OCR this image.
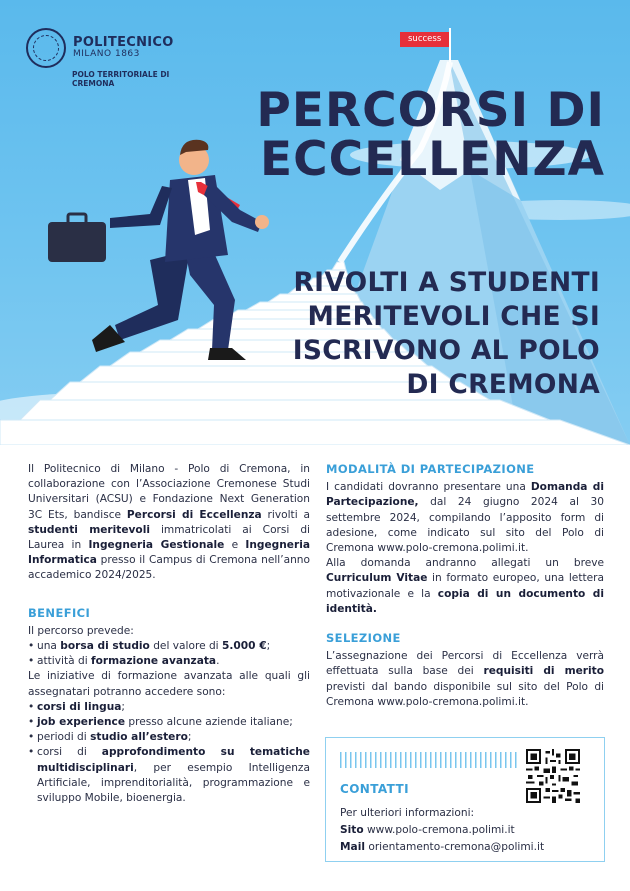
POLITECNICO
MILANO 1863
POLO TERRITORIALE DI CREMONA
success
PERCORSI DI
ECCELLENZA
RIVOLTI A STUDENTI
MERITEVOLI CHE SI
ISCRIVONO AL POLO
DI CREMONA

Il Politecnico di Milano - Polo di Cremona, in collaborazione con l’Associazione Cremonese Studi Universitari (ACSU) e Fondazione Next Generation 3C Ets, bandisce Percorsi di Eccellenza rivolti a studenti meritevoli immatricolati ai Corsi di Laurea in Ingegneria Gestionale e Ingegneria Informatica presso il Campus di Cremona nell’anno accademico 2024/2025.

BENEFICI

Il percorso prevede:

• una borsa di studio del valore di 5.000 €;
• attività di formazione avanzata.

Le iniziative di formazione avanzata alle quali gli assegnatari potranno accedere sono:

• corsi di lingua;
• job experience presso alcune aziende italiane;
• periodi di studio all’estero;
• corsi di approfondimento su tematiche multidisciplinari, per esempio Intelligenza Artificiale, imprenditorialità, programmazione e sviluppo Mobile, bioenergia.
MODALITÀ DI PARTECIPAZIONE

I candidati dovranno presentare una Domanda di Partecipazione, dal 24 giugno 2024 al 30 settembre 2024, compilando l’apposito form di adesione, come indicato sul sito del Polo di Cremona www.polo-cremona.polimi.it.

Alla domanda andranno allegati un breve Curriculum Vitae in formato europeo, una lettera motivazionale e la copia di un documento di identità.

SELEZIONE

L’assegnazione dei Percorsi di Eccellenza verrà effettuata sulla base dei requisiti di merito previsti dal bando disponibile sul sito del Polo di Cremona www.polo-cremona.polimi.it.

CONTATTI
Per ulteriori informazioni:
Sito www.polo-cremona.polimi.it
Mail orientamento-cremona@polimi.it
